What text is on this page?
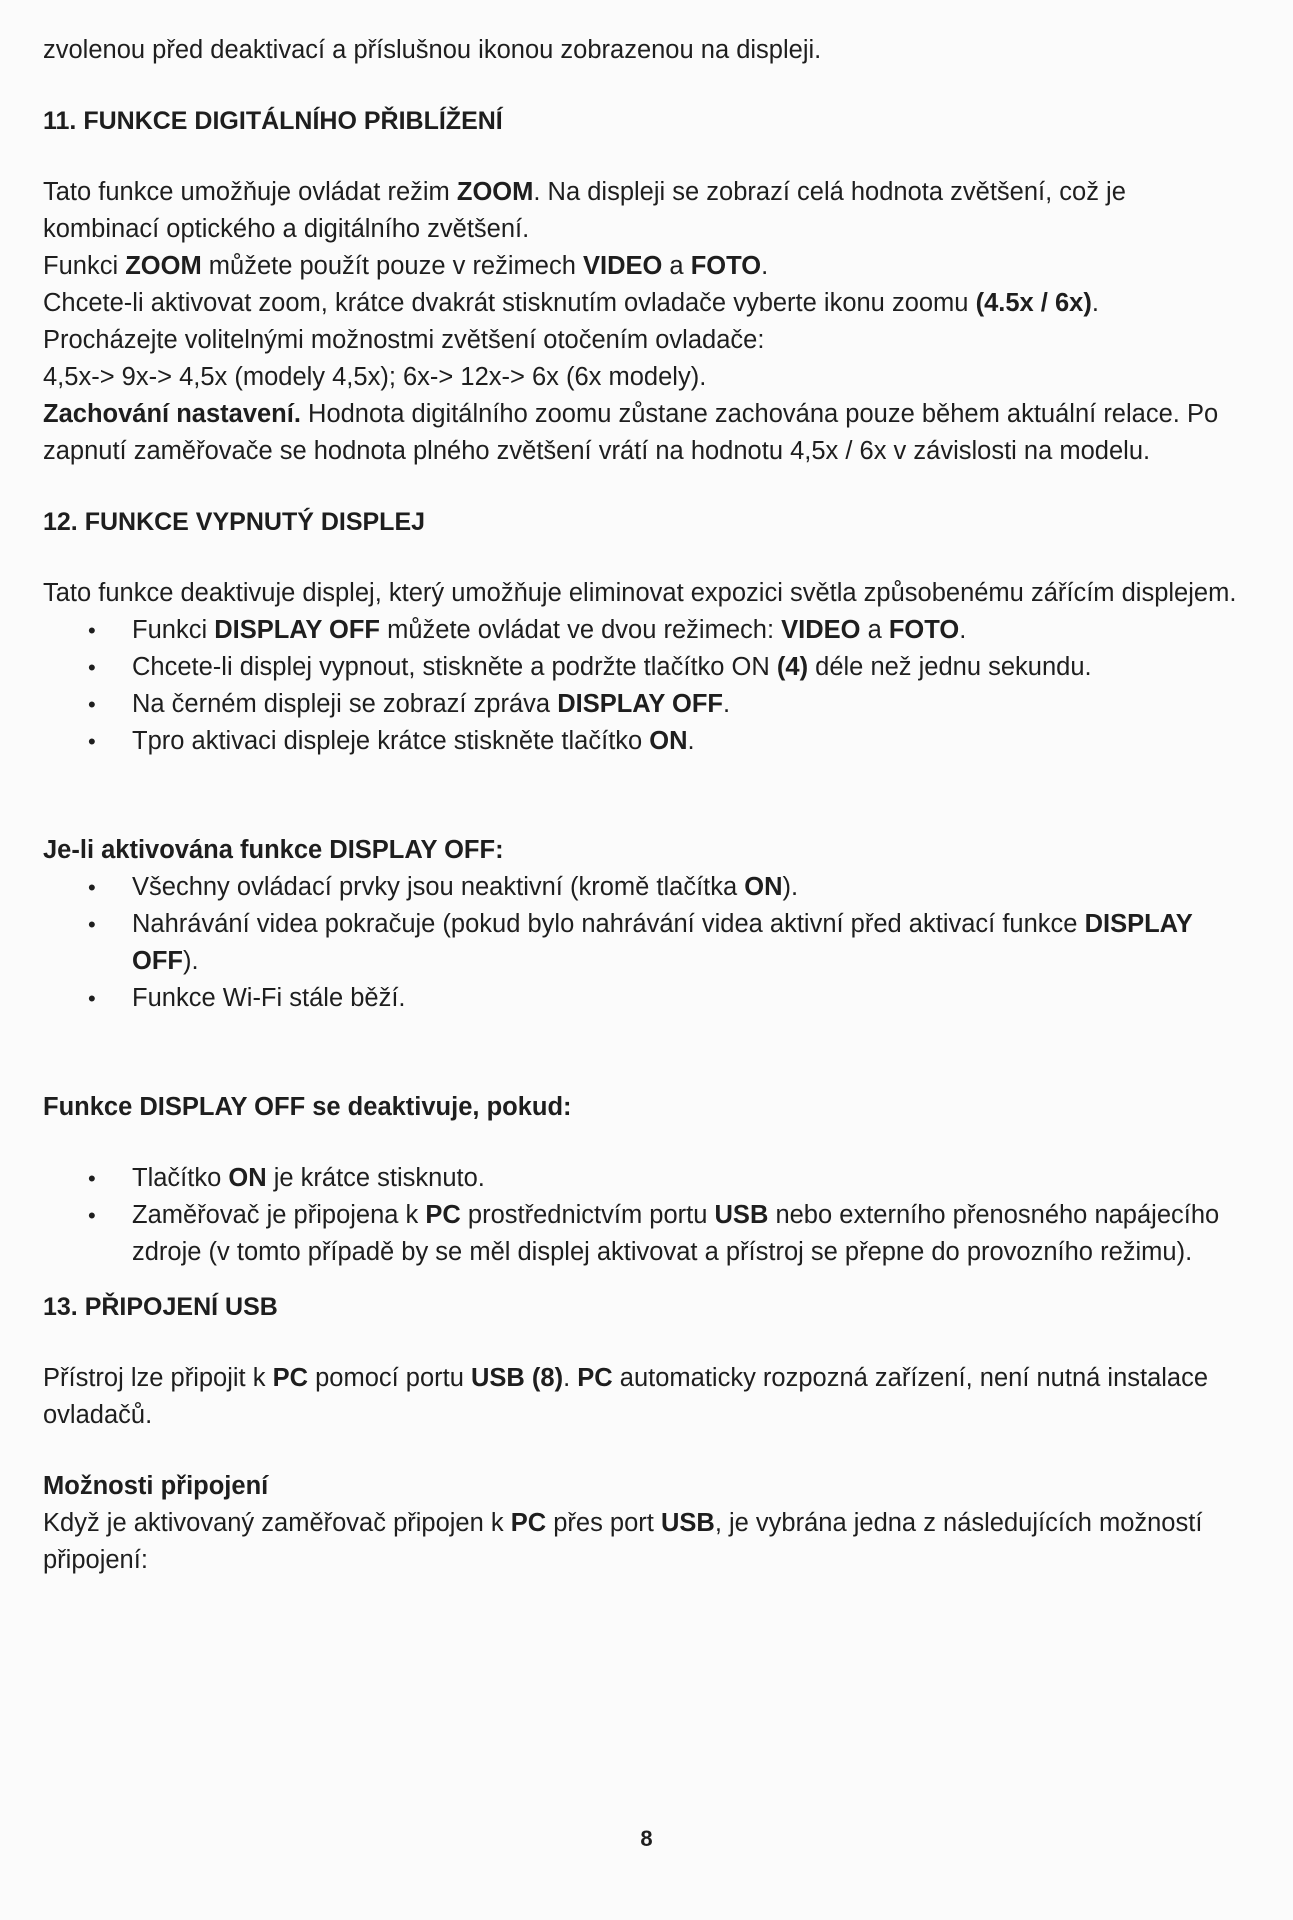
zvolenou před deaktivací a příslušnou ikonou zobrazenou na displeji.

11. FUNKCE DIGITÁLNÍHO PŘIBLÍŽENÍ

Tato funkce umožňuje ovládat režim ZOOM. Na displeji se zobrazí celá hodnota zvětšení, což je kombinací optického a digitálního zvětšení.

Funkci ZOOM můžete použít pouze v režimech VIDEO a FOTO.

Chcete-li aktivovat zoom, krátce dvakrát stisknutím ovladače vyberte ikonu zoomu (4.5x / 6x).

Procházejte volitelnými možnostmi zvětšení otočením ovladače:

4,5x-> 9x-> 4,5x (modely 4,5x); 6x-> 12x-> 6x (6x modely).

Zachování nastavení. Hodnota digitálního zoomu zůstane zachována pouze během aktuální relace. Po zapnutí zaměřovače se hodnota plného zvětšení vrátí na hodnotu 4,5x / 6x v závislosti na modelu.

12. FUNKCE VYPNUTÝ DISPLEJ

Tato funkce deaktivuje displej, který umožňuje eliminovat expozici světla způsobenému zářícím displejem.

• Funkci DISPLAY OFF můžete ovládat ve dvou režimech: VIDEO a FOTO.
• Chcete-li displej vypnout, stiskněte a podržte tlačítko ON (4) déle než jednu sekundu.
• Na černém displeji se zobrazí zpráva DISPLAY OFF.
• Tpro aktivaci displeje krátce stiskněte tlačítko ON.

Je-li aktivována funkce DISPLAY OFF:

• Všechny ovládací prvky jsou neaktivní (kromě tlačítka ON).
• Nahrávání videa pokračuje (pokud bylo nahrávání videa aktivní před aktivací funkce DISPLAY OFF).
• Funkce Wi-Fi stále běží.

Funkce DISPLAY OFF se deaktivuje, pokud:

• Tlačítko ON je krátce stisknuto.
• Zaměřovač je připojena k PC prostřednictvím portu USB nebo externího přenosného napájecího zdroje (v tomto případě by se měl displej aktivovat a přístroj se přepne do provozního režimu).

13. PŘIPOJENÍ USB

Přístroj lze připojit k PC pomocí portu USB (8). PC automaticky rozpozná zařízení, není nutná instalace ovladačů.

Možnosti připojení

Když je aktivovaný zaměřovač připojen k PC přes port USB, je vybrána jedna z následujících možností připojení:

8
